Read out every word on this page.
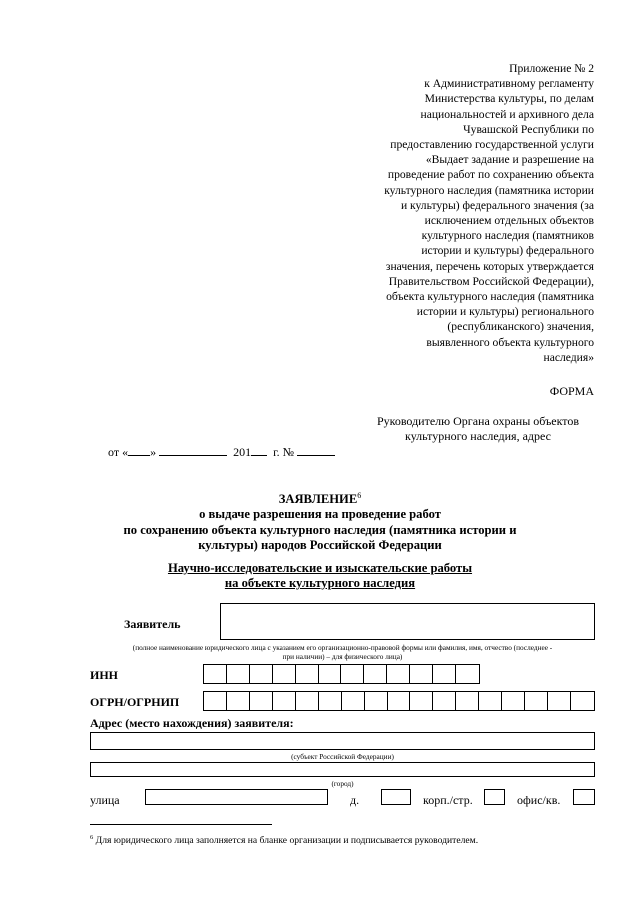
Приложение № 2
к Административному регламенту
Министерства культуры, по делам
национальностей и архивного дела
Чувашской Республики по
предоставлению государственной услуги
«Выдает задание и разрешение на
проведение работ по сохранению объекта
культурного наследия (памятника истории
и культуры) федерального значения (за
исключением отдельных объектов
культурного наследия (памятников
истории и культуры) федерального
значения, перечень которых утверждается
Правительством Российской Федерации),
объекта культурного наследия (памятника
истории и культуры) регионального
(республиканского) значения,
выявленного объекта культурного
наследия»
ФОРМА
Руководителю Органа охраны объектов
культурного наследия, адрес
от « »	201 г. №
ЗАЯВЛЕНИЕ$^6$
о выдаче разрешения на проведение работ
по сохранению объекта культурного наследия (памятника истории и
культуры) народов Российской Федерации
Научно-исследовательские и изыскательские работы
на объекте культурного наследия
Заявитель
(полное наименование юридического лица с указанием его организационно-правовой формы или фамилия, имя, отчество (последнее -
при наличии) – для физического лица)
ИНН
ОГРН/ОГРНИП
Адрес (место нахождения) заявителя:
(субъект Российской Федерации)
(город)
улица	д.	корп./стр.	офис/кв.
$^6$ Для юридического лица заполняется на бланке организации и подписывается руководителем.
